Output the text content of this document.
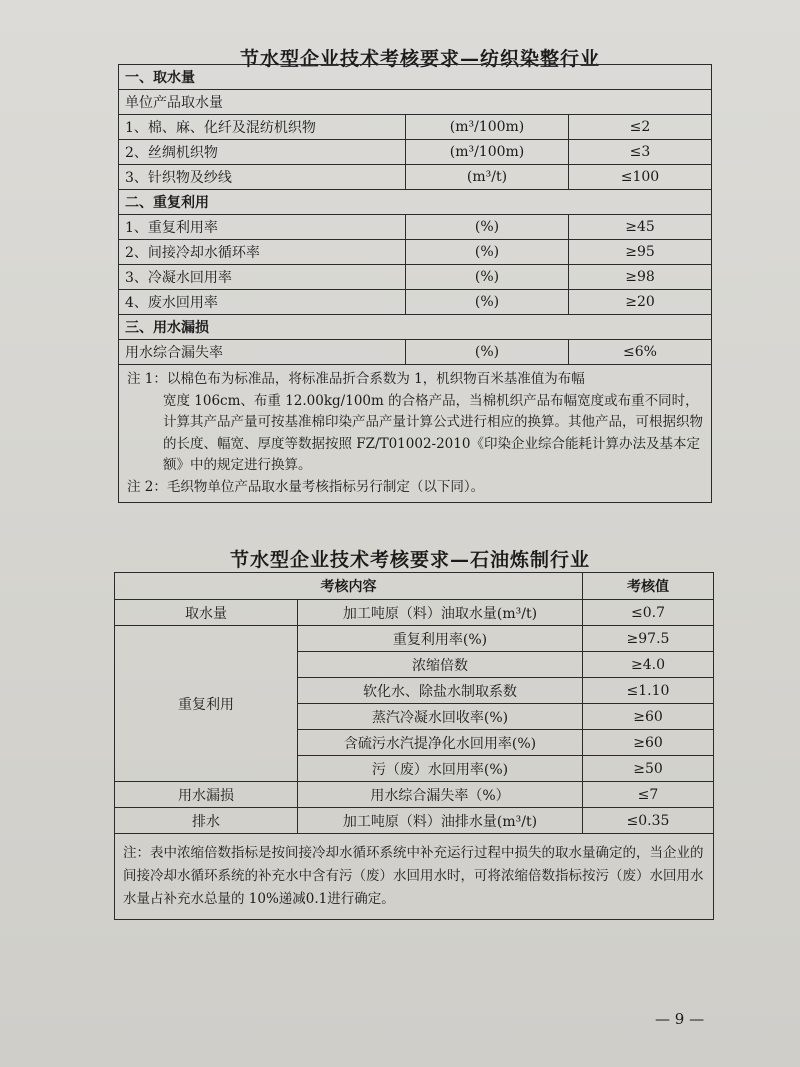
节水型企业技术考核要求—纺织染整行业
一、取水量		
单位产品取水量		
1、棉、麻、化纤及混纺机织物	(m³/100m)	≤2
2、丝绸机织物	(m³/100m)	≤3
3、针织物及纱线	(m³/t)	≤100
二、重复利用		
1、重复利用率	(%)	≥45
2、间接冷却水循环率	(%)	≥95
3、冷凝水回用率	(%)	≥98
4、废水回用率	(%)	≥20
三、用水漏损		
用水综合漏失率	(%)	≤6%

注 1：以棉色布为标准品，将标准品折合系数为 1，机织物百米基准值为布幅
宽度 106cm、布重 12.00kg/100m 的合格产品，当棉机织产品布幅宽度或布重不同时，计算其产品产量可按基准棉印染产品产量计算公式进行相应的换算。其他产品，可根据织物的长度、幅宽、厚度等数据按照 FZ/T01002-2010《印染企业综合能耗计算办法及基本定额》中的规定进行换算。
注 2：毛织物单位产品取水量考核指标另行制定（以下同）。		
节水型企业技术考核要求—石油炼制行业
考核内容		考核值
取水量	加工吨原（料）油取水量(m³/t)	≤0.7
重复利用	重复利用率(%)	≥97.5
	浓缩倍数	≥4.0
	软化水、除盐水制取系数	≤1.10
	蒸汽冷凝水回收率(%)	≥60
	含硫污水汽提净化水回用率(%)	≥60
	污（废）水回用率(%)	≥50
用水漏损	用水综合漏失率（%）	≤7
排水	加工吨原（料）油排水量(m³/t)	≤0.35
注：表中浓缩倍数指标是按间接冷却水循环系统中补充运行过程中损失的取水量确定的，当企业的间接冷却水循环系统的补充水中含有污（废）水回用水时，可将浓缩倍数指标按污（废）水回用水水量占补充水总量的 10%递减0.1进行确定。		
— 9 —
